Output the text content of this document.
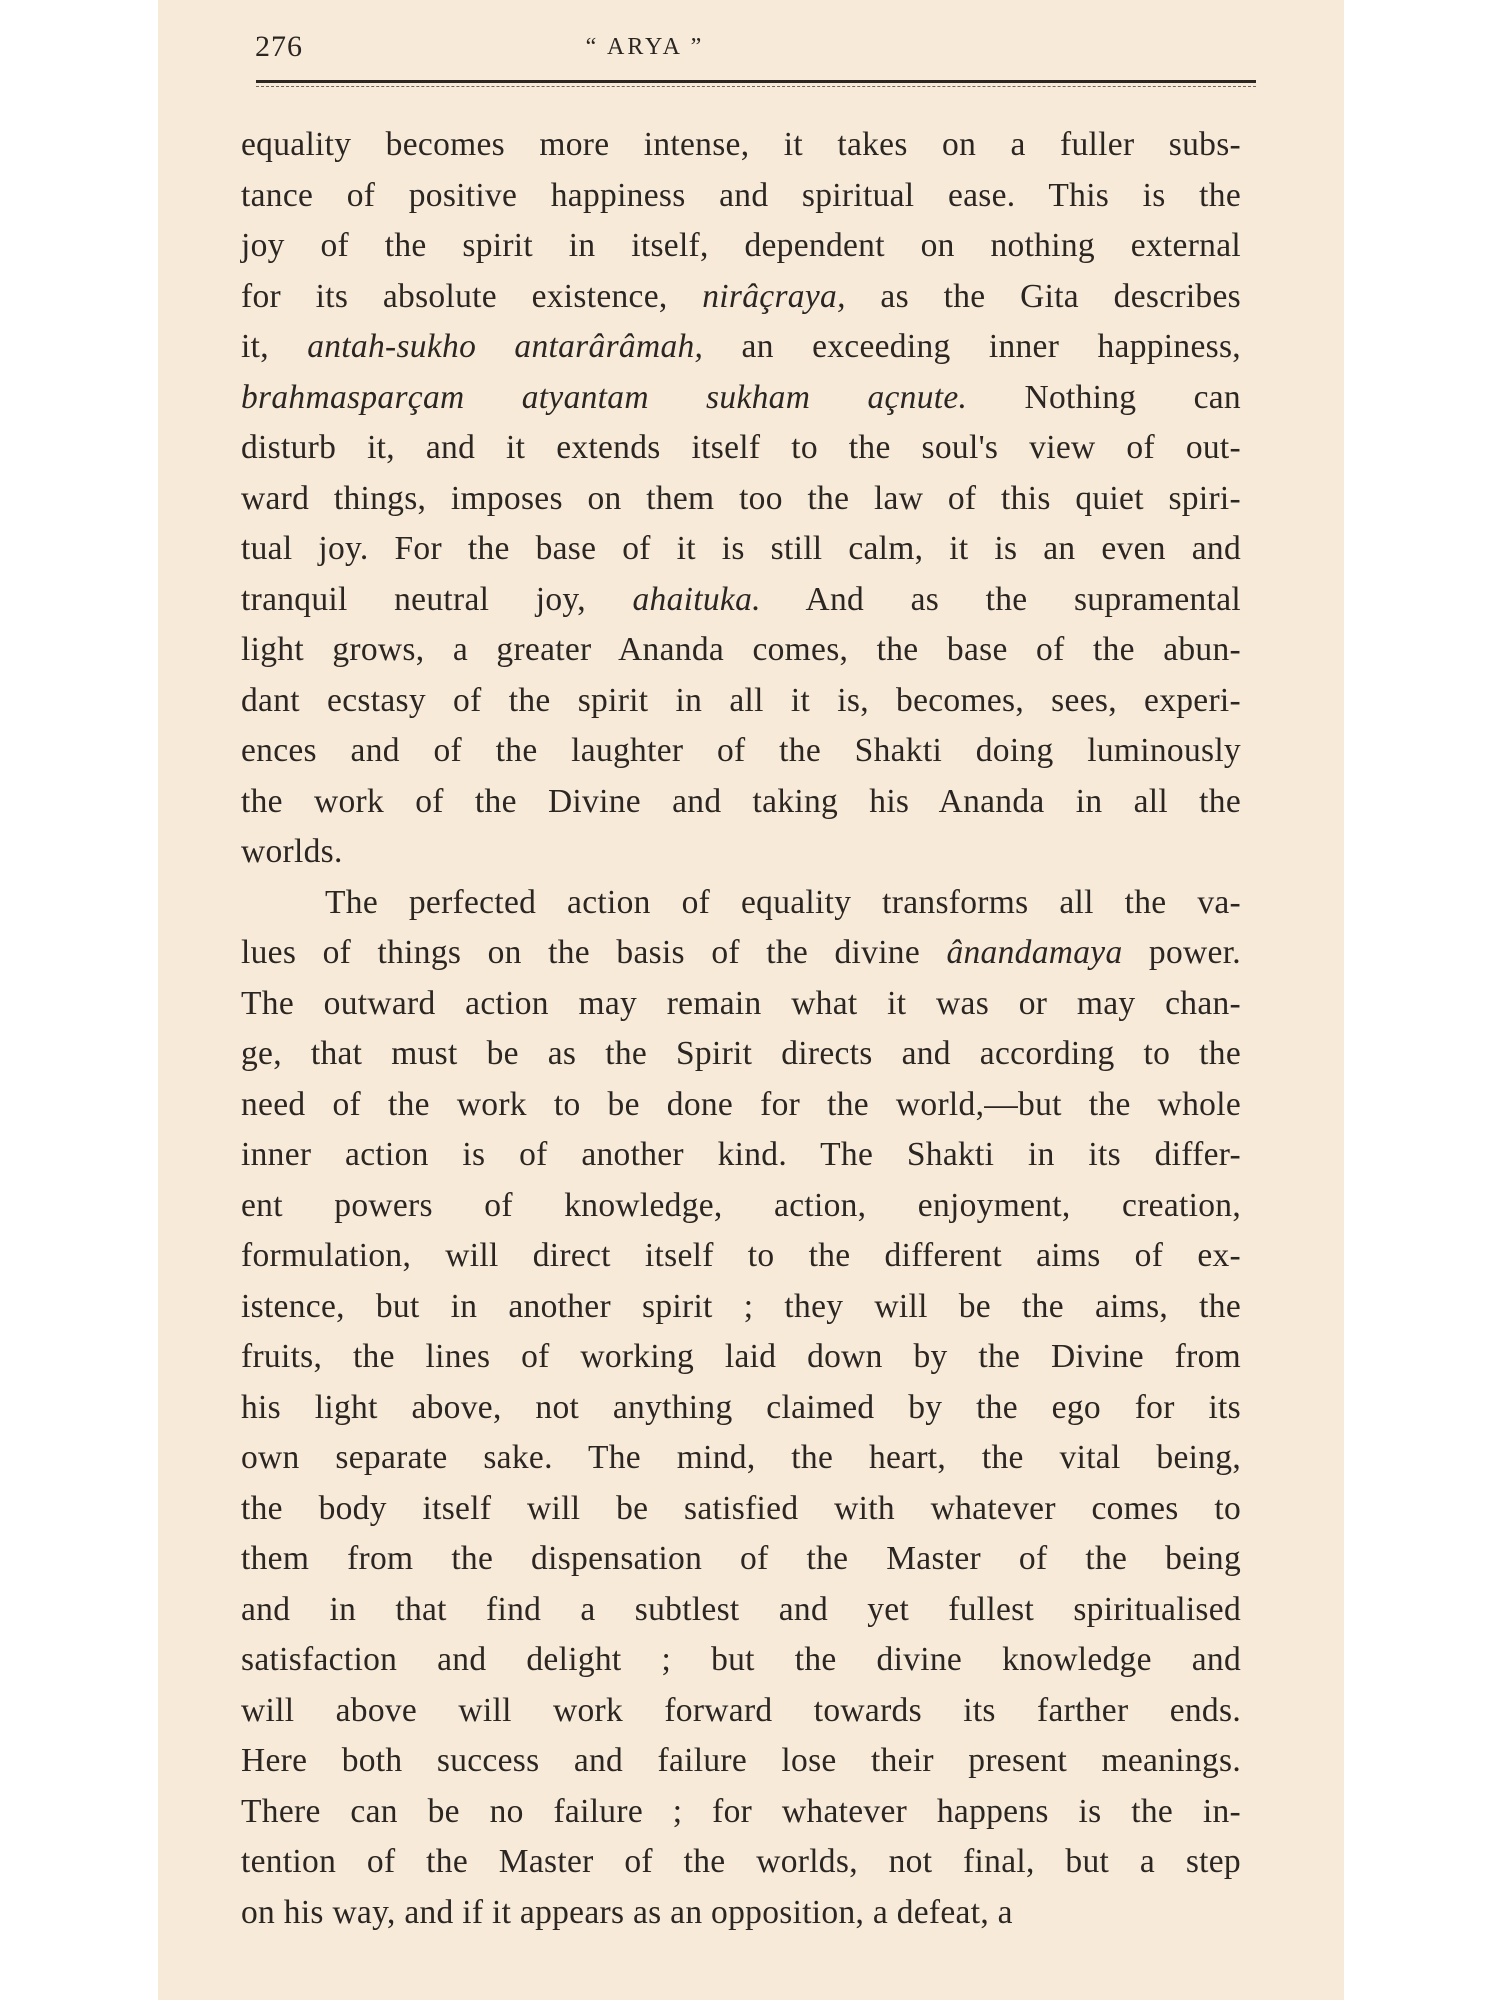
276	“ ARYA ”
equality becomes more intense, it takes on a fuller subs-
tance of positive happiness and spiritual ease. This is the
joy of the spirit in itself, dependent on nothing external
for its absolute existence, nirâçraya, as the Gita describes
it, antah-sukho antarârâmah, an exceeding inner happiness,
brahmasparçam atyantam sukham açnute. Nothing can
disturb it, and it extends itself to the soul's view of out-
ward things, imposes on them too the law of this quiet spiri-
tual joy. For the base of it is still calm, it is an even and
tranquil neutral joy, ahaituka. And as the supramental
light grows, a greater Ananda comes, the base of the abun-
dant ecstasy of the spirit in all it is, becomes, sees, experi-
ences and of the laughter of the Shakti doing luminously
the work of the Divine and taking his Ananda in all the
worlds.
The perfected action of equality transforms all the va-
lues of things on the basis of the divine ânandamaya power.
The outward action may remain what it was or may chan-
ge, that must be as the Spirit directs and according to the
need of the work to be done for the world,—but the whole
inner action is of another kind. The Shakti in its differ-
ent powers of knowledge, action, enjoyment, creation,
formulation, will direct itself to the different aims of ex-
istence, but in another spirit ; they will be the aims, the
fruits, the lines of working laid down by the Divine from
his light above, not anything claimed by the ego for its
own separate sake. The mind, the heart, the vital being,
the body itself will be satisfied with whatever comes to
them from the dispensation of the Master of the being
and in that find a subtlest and yet fullest spiritualised
satisfaction and delight ; but the divine knowledge and
will above will work forward towards its farther ends.
Here both success and failure lose their present meanings.
There can be no failure ; for whatever happens is the in-
tention of the Master of the worlds, not final, but a step
on his way, and if it appears as an opposition, a defeat, a
